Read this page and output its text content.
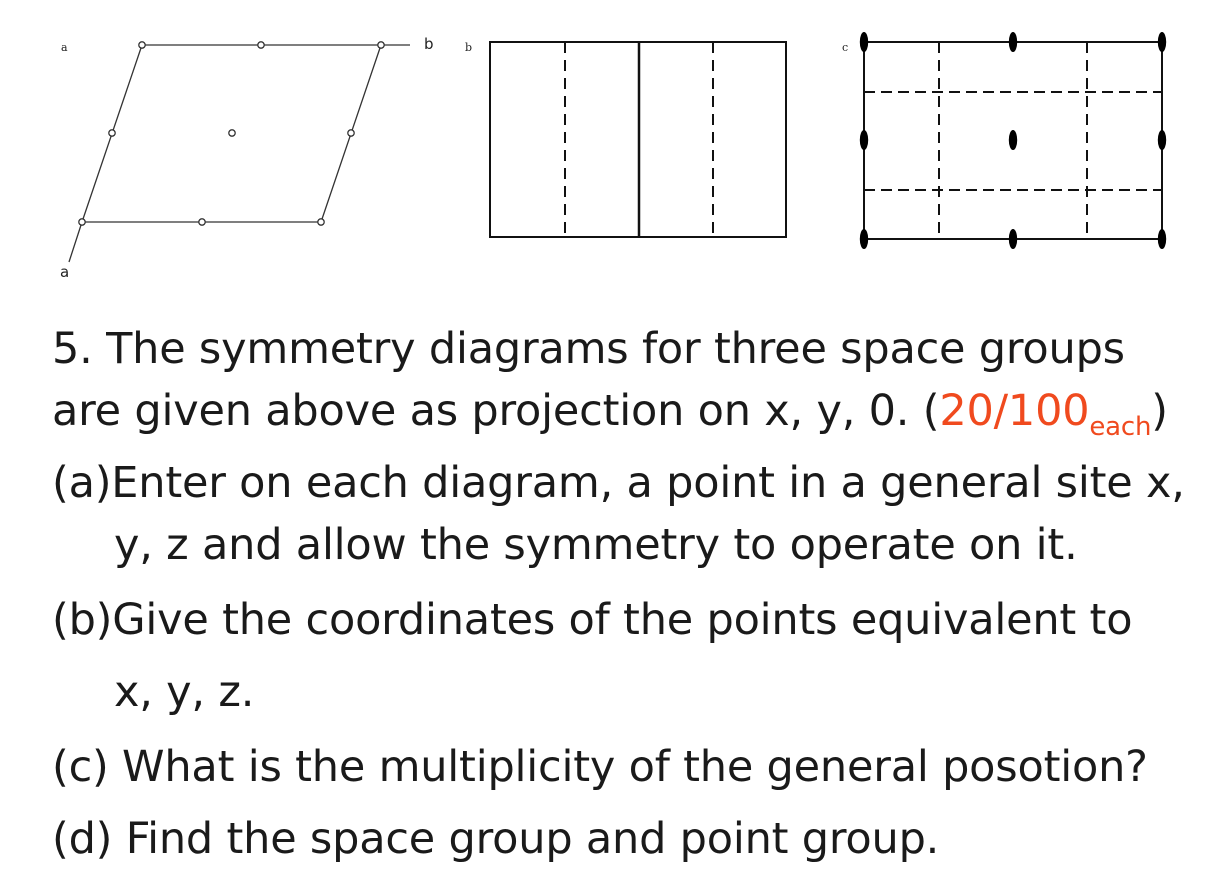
a	b
a
b	c
5. The symmetry diagrams for three space groups
are given above as projection on x, y, 0. $(20/100_{each})$
(a)Enter on each diagram, a point in a general site x,
y, z and allow the symmetry to operate on it.
(b)Give the coordinates of the points equivalent to
x, y, z.
(c) What is the multiplicity of the general posotion?
(d) Find the space group and point group.
